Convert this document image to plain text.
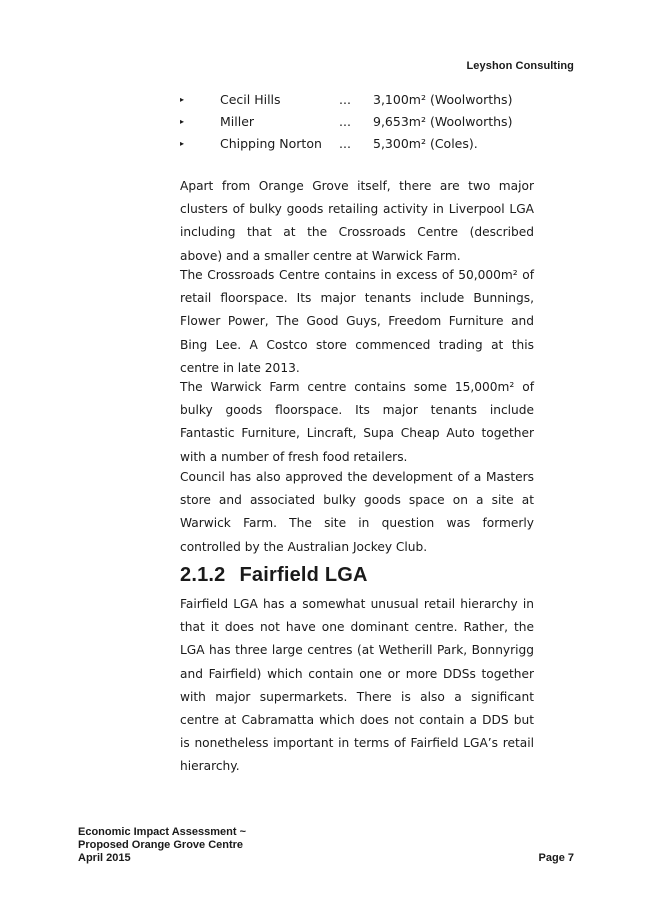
Leyshon Consulting
▸	Cecil Hills	...	3,100m² (Woolworths)
▸	Miller	...	9,653m² (Woolworths)
▸	Chipping Norton	...	5,300m² (Coles).

Apart from Orange Grove itself, there are two major clusters of bulky goods retailing activity in Liverpool LGA including that at the Crossroads Centre (described above) and a smaller centre at Warwick Farm.

The Crossroads Centre contains in excess of 50,000m² of retail floorspace. Its major tenants include Bunnings, Flower Power, The Good Guys, Freedom Furniture and Bing Lee. A Costco store commenced trading at this centre in late 2013.

The Warwick Farm centre contains some 15,000m² of bulky goods floorspace. Its major tenants include Fantastic Furniture, Lincraft, Supa Cheap Auto together with a number of fresh food retailers.

Council has also approved the development of a Masters store and associated bulky goods space on a site at Warwick Farm. The site in question was formerly controlled by the Australian Jockey Club.

2.1.2 Fairfield LGA

Fairfield LGA has a somewhat unusual retail hierarchy in that it does not have one dominant centre. Rather, the LGA has three large centres (at Wetherill Park, Bonnyrigg and Fairfield) which contain one or more DDSs together with major supermarkets. There is also a significant centre at Cabramatta which does not contain a DDS but is nonetheless important in terms of Fairfield LGA’s retail hierarchy.

Economic Impact Assessment ~
Proposed Orange Grove Centre
April 2015	Page 7
